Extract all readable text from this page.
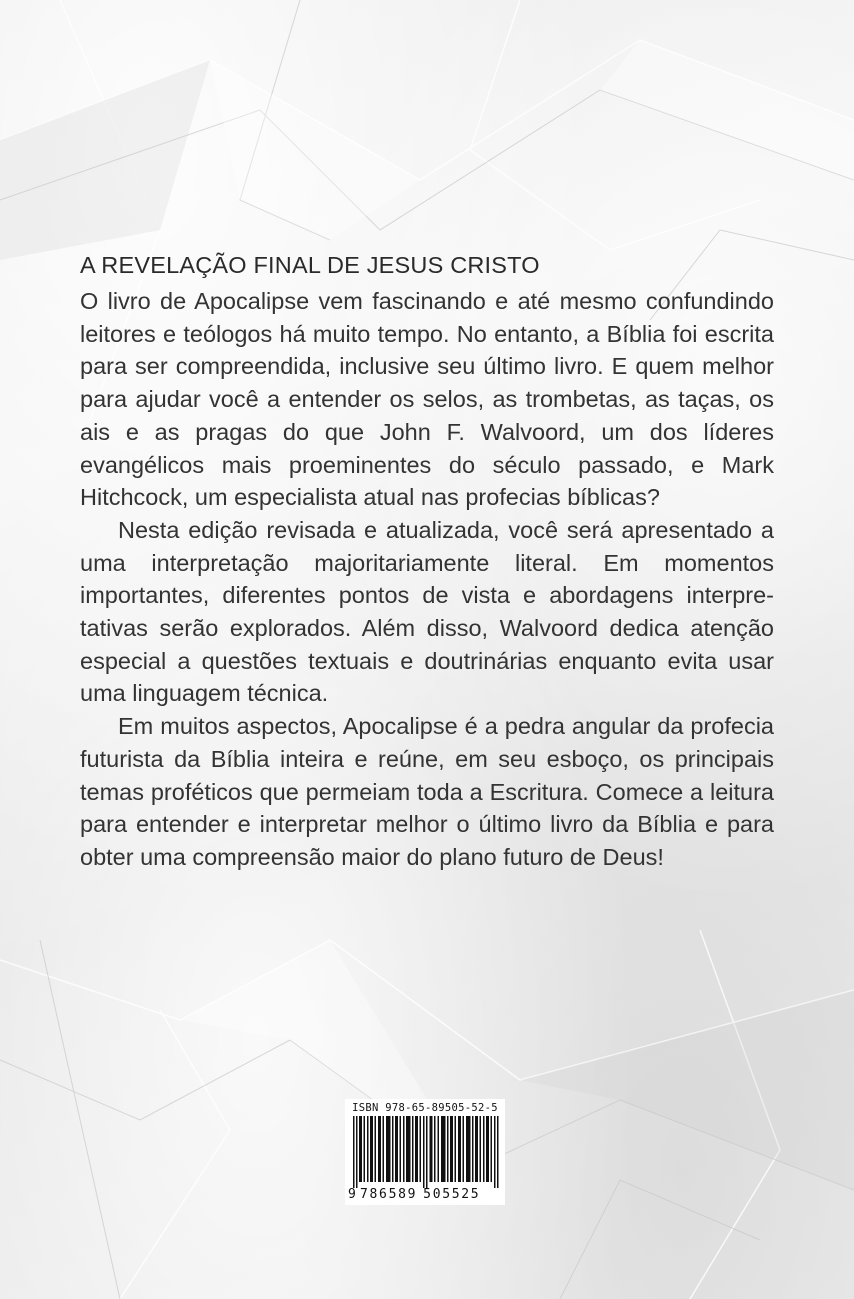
A REVELAÇÃO FINAL DE JESUS CRISTO

O livro de Apocalipse vem fascinando e até mesmo confundindo leitores e teólogos há muito tempo. No entanto, a Bíblia foi escrita para ser compreendida, inclusive seu último livro. E quem melhor para ajudar você a entender os selos, as trombetas, as taças, os ais e as pragas do que John F. Walvoord, um dos líderes evangélicos mais proeminentes do século passado, e Mark Hitchcock, um especialista atual nas profecias bíblicas?

Nesta edição revisada e atualizada, você será apresentado a uma interpretação majoritariamente literal. Em momentos importantes, diferentes pontos de vista e abordagens interpretativas serão explorados. Além disso, Walvoord dedica atenção especial a questões textuais e doutrinárias enquanto evita usar uma linguagem técnica.

Em muitos aspectos, Apocalipse é a pedra angular da profecia futurista da Bíblia inteira e reúne, em seu esboço, os principais temas proféticos que permeiam toda a Escritura. Comece a leitura para entender e interpretar melhor o último livro da Bíblia e para obter uma compreensão maior do plano futuro de Deus!

ISBN 978-65-89505-52-5
9 786589 505525
